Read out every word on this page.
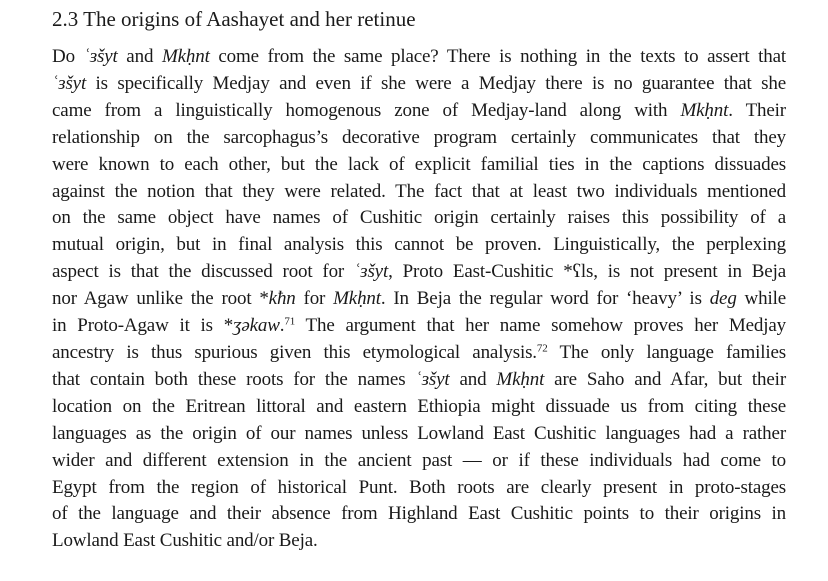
2.3 The origins of Aashayet and her retinue
Do ʿɜšyt and Mkḥnt come from the same place? There is nothing in the texts to assert that
ʿɜšyt is specifically Medjay and even if she were a Medjay there is no guarantee that she
came from a linguistically homogenous zone of Medjay-land along with Mkḥnt. Their
relationship on the sarcophagus’s decorative program certainly communicates that they
were known to each other, but the lack of explicit familial ties in the captions dissuades
against the notion that they were related. The fact that at least two individuals mentioned
on the same object have names of Cushitic origin certainly raises this possibility of a
mutual origin, but in final analysis this cannot be proven. Linguistically, the perplexing
aspect is that the discussed root for ʿɜšyt, Proto East-Cushitic *ʕls, is not present in Beja
nor Agaw unlike the root *kħn for Mkḥnt. In Beja the regular word for ‘heavy’ is deg while
in Proto-Agaw it is *ʒəkaw.$^{71}$ The argument that her name somehow proves her Medjay
ancestry is thus spurious given this etymological analysis.$^{72}$ The only language families
that contain both these roots for the names ʿɜšyt and Mkḥnt are Saho and Afar, but their
location on the Eritrean littoral and eastern Ethiopia might dissuade us from citing these
languages as the origin of our names unless Lowland East Cushitic languages had a rather
wider and different extension in the ancient past — or if these individuals had come to
Egypt from the region of historical Punt. Both roots are clearly present in proto-stages
of the language and their absence from Highland East Cushitic points to their origins in
Lowland East Cushitic and/or Beja.
